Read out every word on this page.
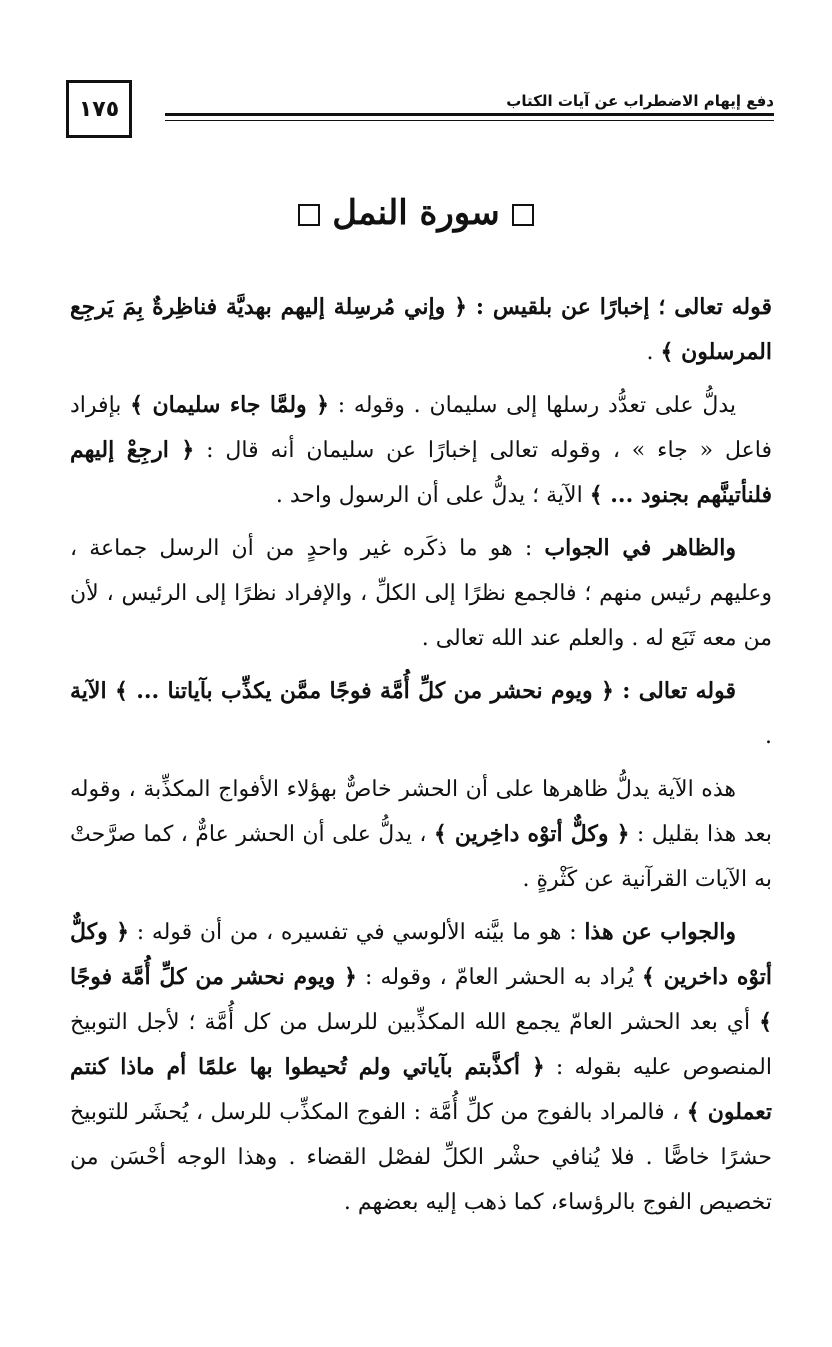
١٧٥	دفع إيهام الاضطراب عن آيات الكتاب
سورة النمل

قوله تعالى ؛ إخبارًا عن بلقيس : ﴿ وإني مُرسِلة إليهم بهديَّة فناظِرةٌ بِمَ يَرجِع المرسلون ﴾ .

يدلُّ على تعدُّد رسلها إلى سليمان . وقوله : ﴿ ولمَّا جاء سليمان ﴾ بإفراد فاعل « جاء » ، وقوله تعالى إخبارًا عن سليمان أنه قال : ﴿ ارجِعْ إليهم فلنأتينَّهم بجنود ... ﴾ الآية ؛ يدلُّ على أن الرسول واحد .

والظاهر في الجواب : هو ما ذكَره غير واحدٍ من أن الرسل جماعة ، وعليهم رئيس منهم ؛ فالجمع نظرًا إلى الكلِّ ، والإفراد نظرًا إلى الرئيس ، لأن من معه تَبَع له . والعلم عند الله تعالى .

قوله تعالى : ﴿ ويوم نحشر من كلِّ أُمَّة فوجًا ممَّن يكذِّب بآياتنا ... ﴾ الآية .

هذه الآية يدلُّ ظاهرها على أن الحشر خاصٌّ بهؤلاء الأفواج المكذِّبة ، وقوله بعد هذا بقليل : ﴿ وكلٌّ أتوْه داخِرين ﴾ ، يدلُّ على أن الحشر عامٌّ ، كما صرَّحتْ به الآيات القرآنية عن كَثْرةٍ .

والجواب عن هذا : هو ما بيَّنه الألوسي في تفسيره ، من أن قوله : ﴿ وكلٌّ أتوْه داخرين ﴾ يُراد به الحشر العامّ ، وقوله : ﴿ ويوم نحشر من كلِّ أُمَّة فوجًا ﴾ أي بعد الحشر العامّ يجمع الله المكذِّبين للرسل من كل أُمَّة ؛ لأجل التوبيخ المنصوص عليه بقوله : ﴿ أكذَّبتم بآياتي ولم تُحيطوا بها علمًا أم ماذا كنتم تعملون ﴾ ، فالمراد بالفوج من كلِّ أُمَّة : الفوج المكذِّب للرسل ، يُحشَر للتوبيخ حشرًا خاصًّا . فلا يُنافي حشْر الكلِّ لفصْل القضاء . وهذا الوجه أحْسَن من تخصيص الفوج بالرؤساء، كما ذهب إليه بعضهم .
